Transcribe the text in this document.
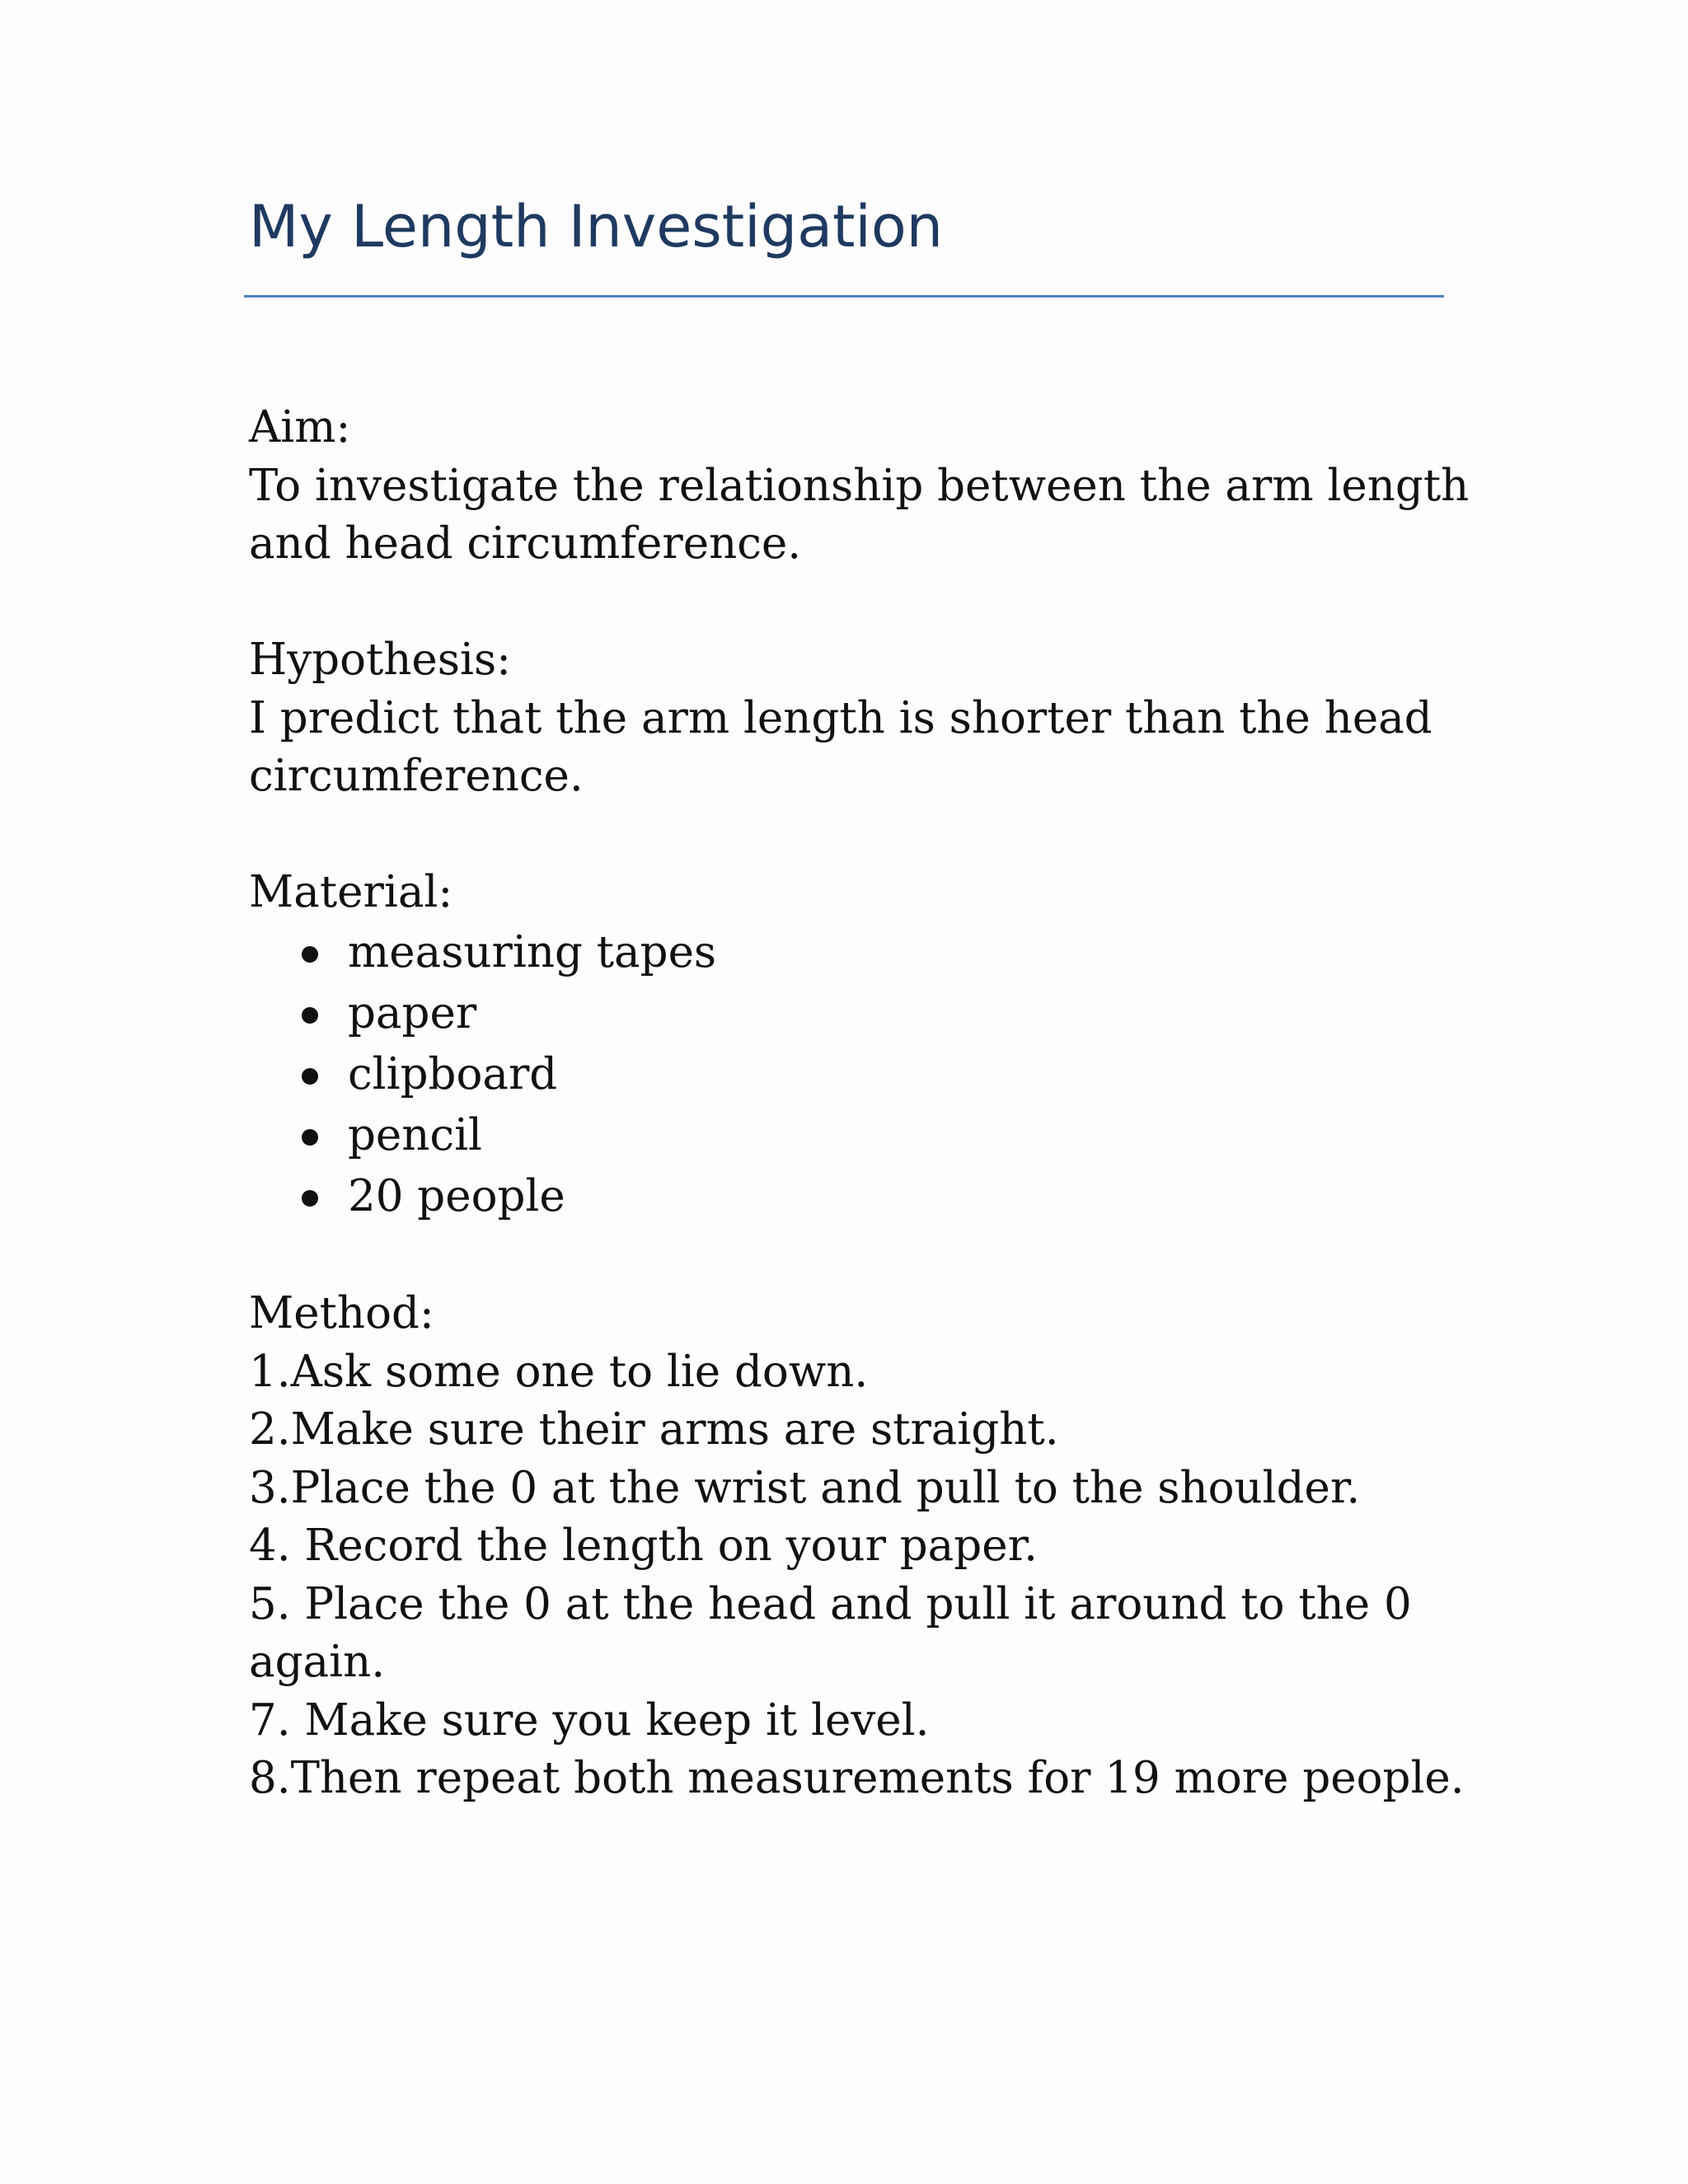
My Length Investigation

Aim:

To investigate the relationship between the arm length

and head circumference.

Hypothesis:

I predict that the arm length is shorter than the head

circumference.

Material:

measuring tapes
paper
clipboard
pencil
20 people

Method:

1.Ask some one to lie down.

2.Make sure their arms are straight.

3.Place the 0 at the wrist and pull to the shoulder.

4. Record the length on your paper.

5. Place the 0 at the head and pull it around to the 0

again.

7. Make sure you keep it level.

8.Then repeat both measurements for 19 more people.
